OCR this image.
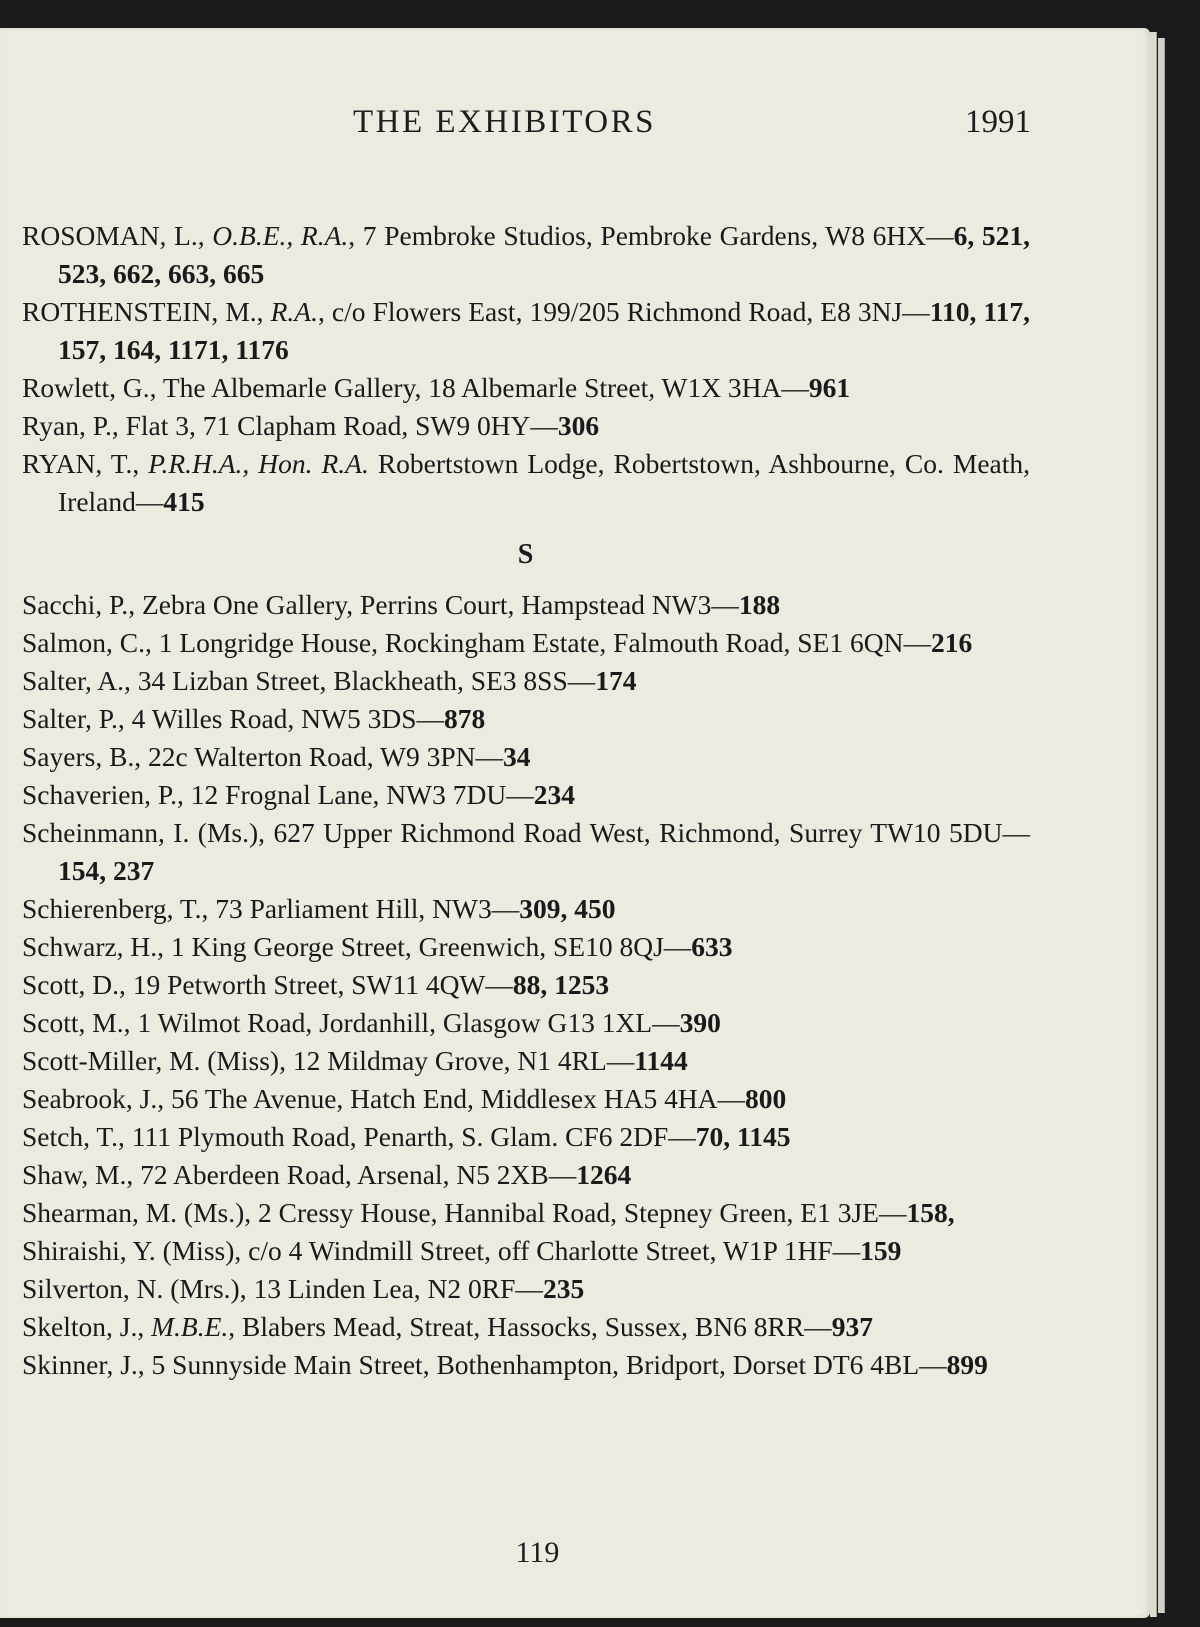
THE EXHIBITORS	1991
ROSOMAN, L., O.B.E., R.A., 7 Pembroke Studios, Pembroke Gardens, W8 6HX—6, 521, 523, 662, 663, 665
ROTHENSTEIN, M., R.A., c/o Flowers East, 199/205 Richmond Road, E8 3NJ—110, 117, 157, 164, 1171, 1176
Rowlett, G., The Albemarle Gallery, 18 Albemarle Street, W1X 3HA—961
Ryan, P., Flat 3, 71 Clapham Road, SW9 0HY—306
RYAN, T., P.R.H.A., Hon. R.A. Robertstown Lodge, Robertstown, Ashbourne, Co. Meath, Ireland—415
S
Sacchi, P., Zebra One Gallery, Perrins Court, Hampstead NW3—188
Salmon, C., 1 Longridge House, Rockingham Estate, Falmouth Road, SE1 6QN—216
Salter, A., 34 Lizban Street, Blackheath, SE3 8SS—174
Salter, P., 4 Willes Road, NW5 3DS—878
Sayers, B., 22c Walterton Road, W9 3PN—34
Schaverien, P., 12 Frognal Lane, NW3 7DU—234
Scheinmann, I. (Ms.), 627 Upper Richmond Road West, Richmond, Surrey TW10 5DU—154, 237
Schierenberg, T., 73 Parliament Hill, NW3—309, 450
Schwarz, H., 1 King George Street, Greenwich, SE10 8QJ—633
Scott, D., 19 Petworth Street, SW11 4QW—88, 1253
Scott, M., 1 Wilmot Road, Jordanhill, Glasgow G13 1XL—390
Scott-Miller, M. (Miss), 12 Mildmay Grove, N1 4RL—1144
Seabrook, J., 56 The Avenue, Hatch End, Middlesex HA5 4HA—800
Setch, T., 111 Plymouth Road, Penarth, S. Glam. CF6 2DF—70, 1145
Shaw, M., 72 Aberdeen Road, Arsenal, N5 2XB—1264
Shearman, M. (Ms.), 2 Cressy House, Hannibal Road, Stepney Green, E1 3JE—158,
Shiraishi, Y. (Miss), c/o 4 Windmill Street, off Charlotte Street, W1P 1HF—159
Silverton, N. (Mrs.), 13 Linden Lea, N2 0RF—235
Skelton, J., M.B.E., Blabers Mead, Streat, Hassocks, Sussex, BN6 8RR—937
Skinner, J., 5 Sunnyside Main Street, Bothenhampton, Bridport, Dorset DT6 4BL—899
119
